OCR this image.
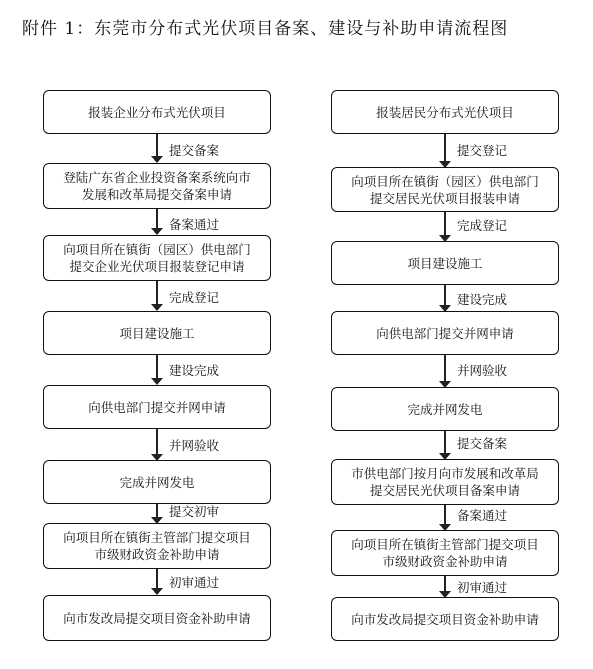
附件 1：东莞市分布式光伏项目备案、建设与补助申请流程图
报装企业分布式光伏项目
提交备案
登陆广东省企业投资备案系统向市
发展和改革局提交备案申请
备案通过
向项目所在镇街（园区）供电部门
提交企业光伏项目报装登记申请
完成登记
项目建设施工
建设完成
向供电部门提交并网申请
并网验收
完成并网发电
提交初审
向项目所在镇街主管部门提交项目
市级财政资金补助申请
初审通过
向市发改局提交项目资金补助申请
报装居民分布式光伏项目
提交登记
向项目所在镇街（园区）供电部门
提交居民光伏项目报装申请
完成登记
项目建设施工
建设完成
向供电部门提交并网申请
并网验收
完成并网发电
提交备案
市供电部门按月向市发展和改革局
提交居民光伏项目备案申请
备案通过
向项目所在镇街主管部门提交项目
市级财政资金补助申请
初审通过
向市发改局提交项目资金补助申请
